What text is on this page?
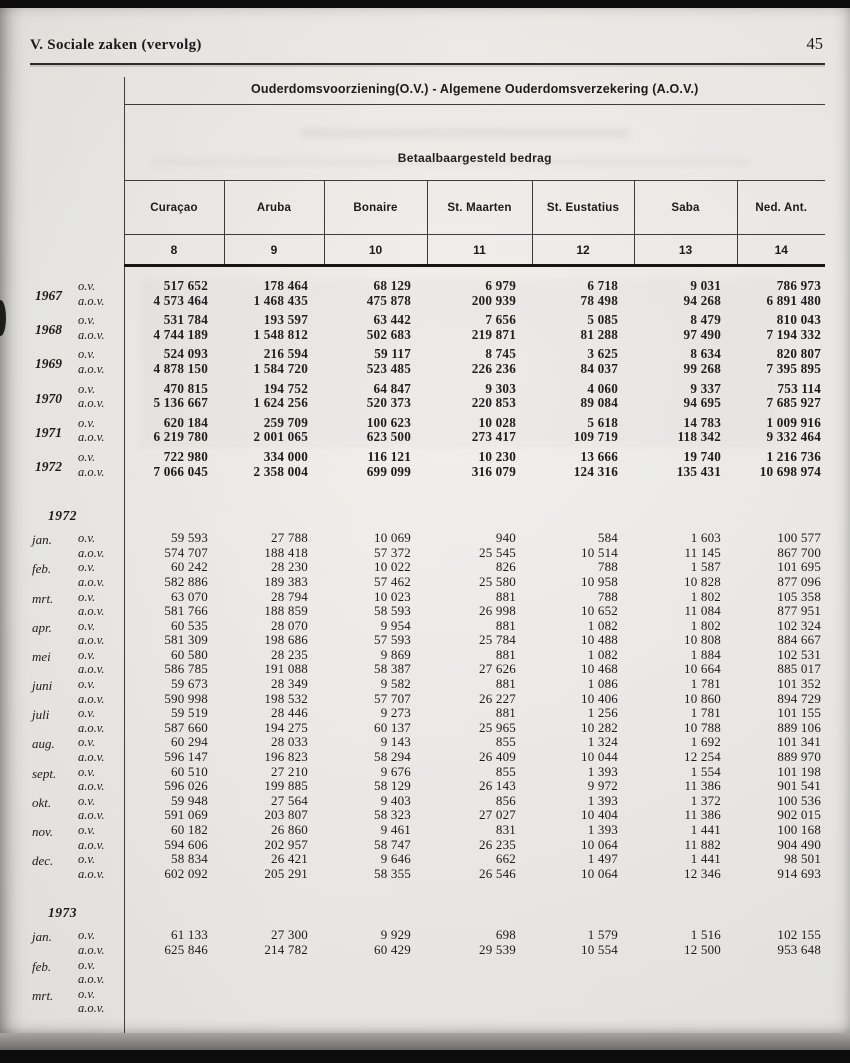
V. Sociale zaken (vervolg)	45
		Ouderdomsvoorziening(O.V.) - Algemene Ouderdomsverzekering (A.O.V.)						
		Betaalbaargesteld bedrag						
		Curaçao	Aruba	Bonaire	St. Maarten	St. Eustatius	Saba	Ned. Ant.
		8	9	10	11	12	13	14

1967	o.v.	517 652	178 464	68 129	6 979	6 718	9 031	786 973
	a.o.v.	4 573 464	1 468 435	475 878	200 939	78 498	94 268	6 891 480
1968	o.v.	531 784	193 597	63 442	7 656	5 085	8 479	810 043
	a.o.v.	4 744 189	1 548 812	502 683	219 871	81 288	97 490	7 194 332
1969	o.v.	524 093	216 594	59 117	8 745	3 625	8 634	820 807
	a.o.v.	4 878 150	1 584 720	523 485	226 236	84 037	99 268	7 395 895
1970	o.v.	470 815	194 752	64 847	9 303	4 060	9 337	753 114
	a.o.v.	5 136 667	1 624 256	520 373	220 853	89 084	94 695	7 685 927
1971	o.v.	620 184	259 709	100 623	10 028	5 618	14 783	1 009 916
	a.o.v.	6 219 780	2 001 065	623 500	273 417	109 719	118 342	9 332 464
1972	o.v.	722 980	334 000	116 121	10 230	13 666	19 740	1 216 736
	a.o.v.	7 066 045	2 358 004	699 099	316 079	124 316	135 431	10 698 974
1972								
jan.	o.v.	59 593	27 788	10 069	940	584	1 603	100 577
	a.o.v.	574 707	188 418	57 372	25 545	10 514	11 145	867 700
feb.	o.v.	60 242	28 230	10 022	826	788	1 587	101 695
	a.o.v.	582 886	189 383	57 462	25 580	10 958	10 828	877 096
mrt.	o.v.	63 070	28 794	10 023	881	788	1 802	105 358
	a.o.v.	581 766	188 859	58 593	26 998	10 652	11 084	877 951
apr.	o.v.	60 535	28 070	9 954	881	1 082	1 802	102 324
	a.o.v.	581 309	198 686	57 593	25 784	10 488	10 808	884 667
mei	o.v.	60 580	28 235	9 869	881	1 082	1 884	102 531
	a.o.v.	586 785	191 088	58 387	27 626	10 468	10 664	885 017
juni	o.v.	59 673	28 349	9 582	881	1 086	1 781	101 352
	a.o.v.	590 998	198 532	57 707	26 227	10 406	10 860	894 729
juli	o.v.	59 519	28 446	9 273	881	1 256	1 781	101 155
	a.o.v.	587 660	194 275	60 137	25 965	10 282	10 788	889 106
aug.	o.v.	60 294	28 033	9 143	855	1 324	1 692	101 341
	a.o.v.	596 147	196 823	58 294	26 409	10 044	12 254	889 970
sept.	o.v.	60 510	27 210	9 676	855	1 393	1 554	101 198
	a.o.v.	596 026	199 885	58 129	26 143	9 972	11 386	901 541
okt.	o.v.	59 948	27 564	9 403	856	1 393	1 372	100 536
	a.o.v.	591 069	203 807	58 323	27 027	10 404	11 386	902 015
nov.	o.v.	60 182	26 860	9 461	831	1 393	1 441	100 168
	a.o.v.	594 606	202 957	58 747	26 235	10 064	11 882	904 490
dec.	o.v.	58 834	26 421	9 646	662	1 497	1 441	98 501
	a.o.v.	602 092	205 291	58 355	26 546	10 064	12 346	914 693
1973								
jan.	o.v.	61 133	27 300	9 929	698	1 579	1 516	102 155
	a.o.v.	625 846	214 782	60 429	29 539	10 554	12 500	953 648
feb.	o.v.							
	a.o.v.							
mrt.	o.v.							
	a.o.v.							
